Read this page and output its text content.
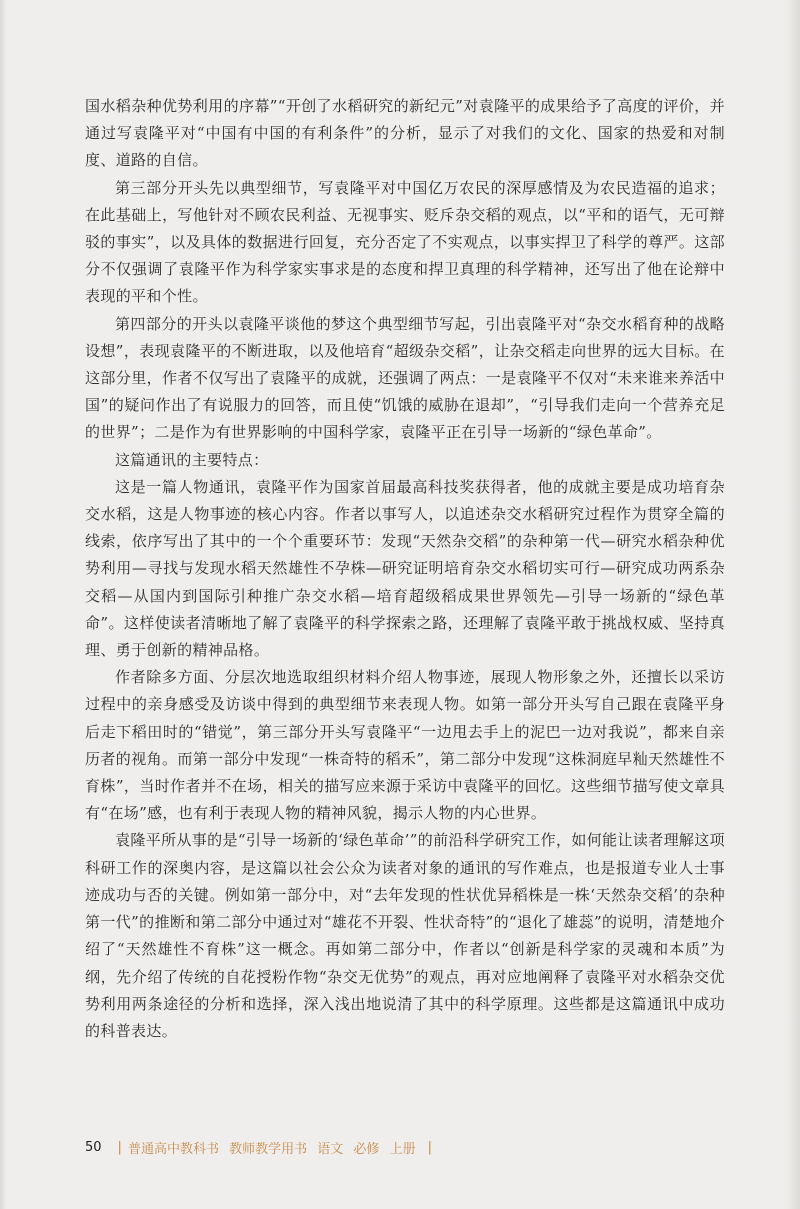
国水稻杂种优势利用的序幕”“开创了水稻研究的新纪元”对袁隆平的成果给予了高度的评价，并通过写袁隆平对“中国有中国的有利条件”的分析，显示了对我们的文化、国家的热爱和对制度、道路的自信。

第三部分开头先以典型细节，写袁隆平对中国亿万农民的深厚感情及为农民造福的追求；在此基础上，写他针对不顾农民利益、无视事实、贬斥杂交稻的观点，以“平和的语气，无可辩驳的事实”，以及具体的数据进行回复，充分否定了不实观点，以事实捍卫了科学的尊严。这部分不仅强调了袁隆平作为科学家实事求是的态度和捍卫真理的科学精神，还写出了他在论辩中表现的平和个性。

第四部分的开头以袁隆平谈他的梦这个典型细节写起，引出袁隆平对“杂交水稻育种的战略设想”，表现袁隆平的不断进取，以及他培育“超级杂交稻”，让杂交稻走向世界的远大目标。在这部分里，作者不仅写出了袁隆平的成就，还强调了两点：一是袁隆平不仅对“未来谁来养活中国”的疑问作出了有说服力的回答，而且使“饥饿的威胁在退却”，“引导我们走向一个营养充足的世界”；二是作为有世界影响的中国科学家，袁隆平正在引导一场新的“绿色革命”。

这篇通讯的主要特点：

这是一篇人物通讯，袁隆平作为国家首届最高科技奖获得者，他的成就主要是成功培育杂交水稻，这是人物事迹的核心内容。作者以事写人，以追述杂交水稻研究过程作为贯穿全篇的线索，依序写出了其中的一个个重要环节：发现“天然杂交稻”的杂种第一代—研究水稻杂种优势利用—寻找与发现水稻天然雄性不孕株—研究证明培育杂交水稻切实可行—研究成功两系杂交稻—从国内到国际引种推广杂交水稻—培育超级稻成果世界领先—引导一场新的“绿色革命”。这样使读者清晰地了解了袁隆平的科学探索之路，还理解了袁隆平敢于挑战权威、坚持真理、勇于创新的精神品格。

作者除多方面、分层次地选取组织材料介绍人物事迹，展现人物形象之外，还擅长以采访过程中的亲身感受及访谈中得到的典型细节来表现人物。如第一部分开头写自己跟在袁隆平身后走下稻田时的“错觉”，第三部分开头写袁隆平“一边甩去手上的泥巴一边对我说”，都来自亲历者的视角。而第一部分中发现“一株奇特的稻禾”，第二部分中发现“这株洞庭早籼天然雄性不育株”，当时作者并不在场，相关的描写应来源于采访中袁隆平的回忆。这些细节描写使文章具有“在场”感，也有利于表现人物的精神风貌，揭示人物的内心世界。

袁隆平所从事的是“引导一场新的‘绿色革命’”的前沿科学研究工作，如何能让读者理解这项科研工作的深奥内容，是这篇以社会公众为读者对象的通讯的写作难点，也是报道专业人士事迹成功与否的关键。例如第一部分中，对“去年发现的性状优异稻株是一株‘天然杂交稻’的杂种第一代”的推断和第二部分中通过对“雄花不开裂、性状奇特”的“退化了雄蕊”的说明，清楚地介绍了“天然雄性不育株”这一概念。再如第二部分中，作者以“创新是科学家的灵魂和本质”为纲，先介绍了传统的自花授粉作物“杂交无优势”的观点，再对应地阐释了袁隆平对水稻杂交优势利用两条途径的分析和选择，深入浅出地说清了其中的科学原理。这些都是这篇通讯中成功的科普表达。

50 | 普通高中教科书 教师教学用书 语文 必修 上册 |
